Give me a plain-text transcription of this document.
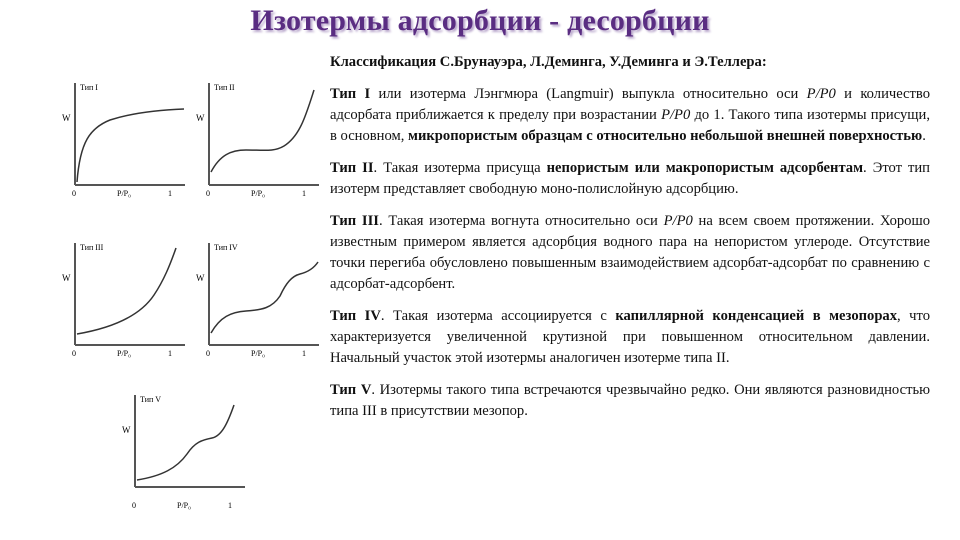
Изотермы адсорбции - десорбции
Тип I
W
0	P/P₀	1
Тип II
W
0	P/P₀	1
Тип III
W
0	P/P₀	1
Тип IV
W
0	P/P₀	1
Тип V
W
0	P/P₀	1

Классификация С.Брунауэра, Л.Деминга, У.Деминга и Э.Теллера:

Тип I или изотерма Лэнгмюра (Langmuir) выпукла относительно оси P/P0 и количество адсорбата приближается к пределу при возрастании P/P0 до 1. Такого типа изотермы присущи, в основном, микропористым образцам с относительно небольшой внешней поверхностью.

Тип II. Такая изотерма присуща непористым или макропористым адсорбентам. Этот тип изотерм представляет свободную моно-полислойную адсорбцию.

Тип III. Такая изотерма вогнута относительно оси P/P0 на всем своем протяжении. Хорошо известным примером является адсорбция водного пара на непористом углероде. Отсутствие точки перегиба обусловлено повышенным взаимодействием адсорбат-адсорбат по сравнению с адсорбат-адсорбент.

Тип IV. Такая изотерма ассоциируется с капиллярной конденсацией в мезопорах, что характеризуется увеличенной крутизной при повышенном относительном давлении. Начальный участок этой изотермы аналогичен изотерме типа II.

Тип V. Изотермы такого типа встречаются чрезвычайно редко. Они являются разновидностью типа III в присутствии мезопор.
